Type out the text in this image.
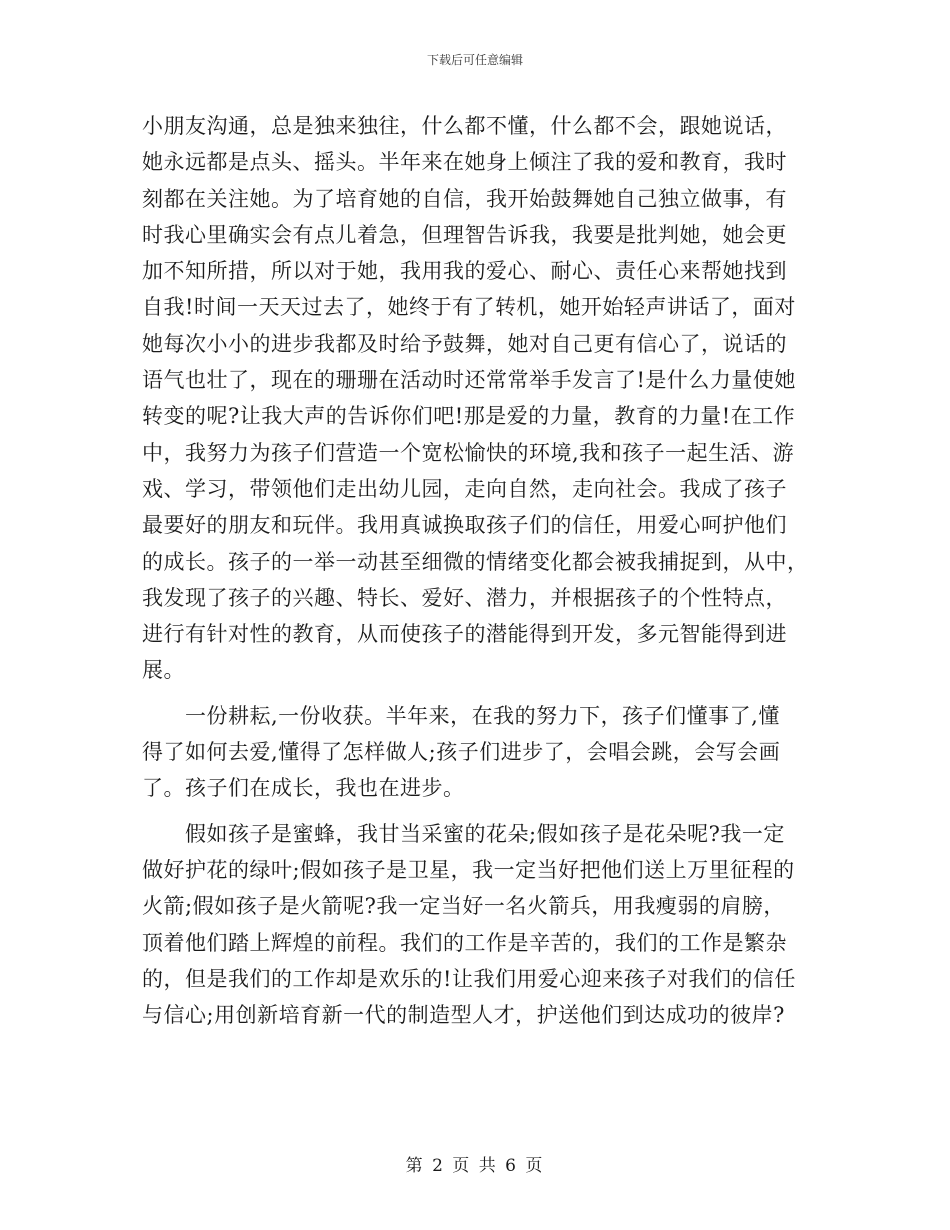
下载后可任意编辑
小朋友沟通，总是独来独往，什么都不懂，什么都不会，跟她说话，
她永远都是点头、摇头。半年来在她身上倾注了我的爱和教育，我时
刻都在关注她。为了培育她的自信，我开始鼓舞她自己独立做事，有
时我心里确实会有点儿着急，但理智告诉我，我要是批判她，她会更
加不知所措，所以对于她，我用我的爱心、耐心、责任心来帮她找到
自我!时间一天天过去了，她终于有了转机，她开始轻声讲话了，面对
她每次小小的进步我都及时给予鼓舞，她对自己更有信心了，说话的
语气也壮了，现在的珊珊在活动时还常常举手发言了!是什么力量使她
转变的呢?让我大声的告诉你们吧!那是爱的力量，教育的力量!在工作
中，我努力为孩子们营造一个宽松愉快的环境,我和孩子一起生活、游
戏、学习，带领他们走出幼儿园，走向自然，走向社会。我成了孩子
最要好的朋友和玩伴。我用真诚换取孩子们的信任，用爱心呵护他们
的成长。孩子的一举一动甚至细微的情绪变化都会被我捕捉到，从中，
我发现了孩子的兴趣、特长、爱好、潜力，并根据孩子的个性特点，
进行有针对性的教育，从而使孩子的潜能得到开发，多元智能得到进
展。
　　一份耕耘,一份收获。半年来，在我的努力下，孩子们懂事了,懂
得了如何去爱,懂得了怎样做人;孩子们进步了，会唱会跳，会写会画
了。孩子们在成长，我也在进步。
　　假如孩子是蜜蜂，我甘当采蜜的花朵;假如孩子是花朵呢?我一定
做好护花的绿叶;假如孩子是卫星，我一定当好把他们送上万里征程的
火箭;假如孩子是火箭呢?我一定当好一名火箭兵，用我瘦弱的肩膀，
顶着他们踏上辉煌的前程。我们的工作是辛苦的，我们的工作是繁杂
的，但是我们的工作却是欢乐的!让我们用爱心迎来孩子对我们的信任
与信心;用创新培育新一代的制造型人才，护送他们到达成功的彼岸?
第 2 页 共 6 页
